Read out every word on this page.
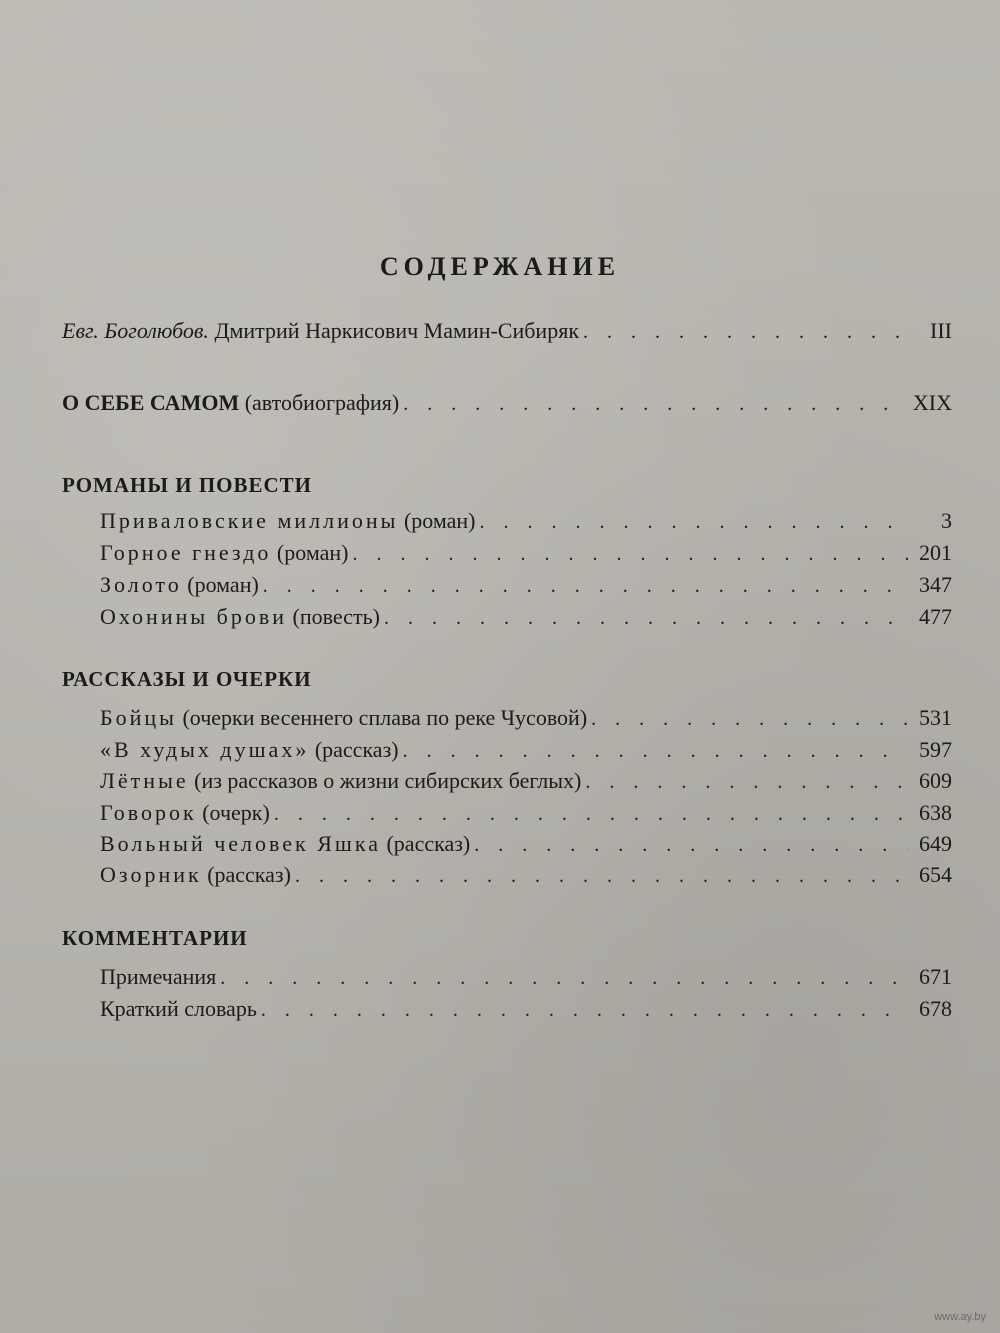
СОДЕРЖАНИЕ
Евг. Боголюбов. Дмитрий Наркисович Мамин-Сибиряк . . .	III
О СЕБЕ САМОМ (автобиография) . . .	XIX
РОМАНЫ И ПОВЕСТИ
Приваловские миллионы (роман) . . .	3
Горное гнездо (роман) . . .	201
Золото (роман) . . .	347
Охонины брови (повесть) . . .	477
РАССКАЗЫ И ОЧЕРКИ
Бойцы (очерки весеннего сплава по реке Чусовой) . . .	531
«В худых душах» (рассказ) . . .	597
Лётные (из рассказов о жизни сибирских беглых) . . .	609
Говорок (очерк) . . .	638
Вольный человек Яшка (рассказ) . . .	649
Озорник (рассказ) . . .	654
КОММЕНТАРИИ
Примечания . . .	671
Краткий словарь . . .	678
www.ay.by
